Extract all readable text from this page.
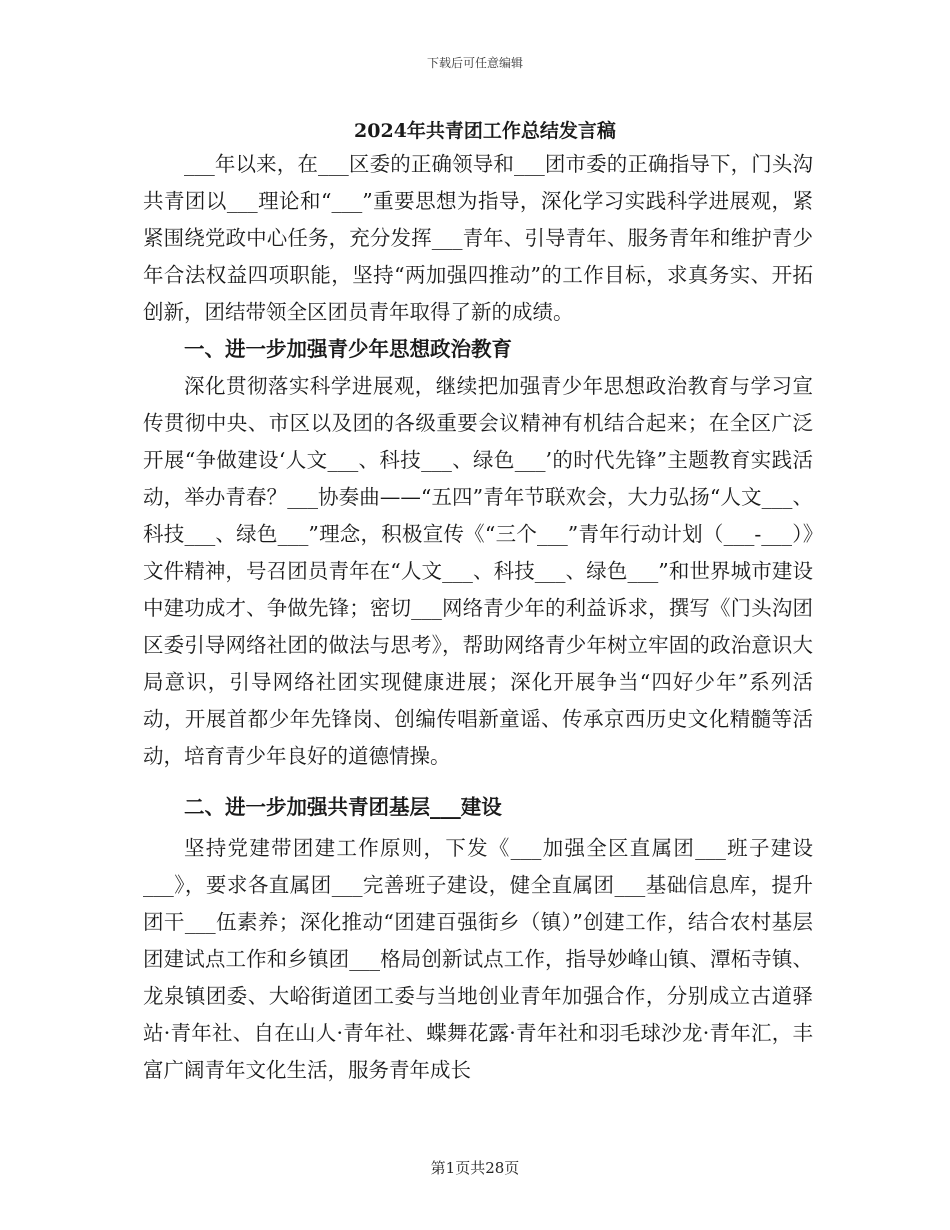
下载后可任意编辑
2024年共青团工作总结发言稿

___年以来，在___区委的正确领导和___团市委的正确指导下，门头沟共青团以___理论和“___”重要思想为指导，深化学习实践科学进展观，紧紧围绕党政中心任务，充分发挥___青年、引导青年、服务青年和维护青少年合法权益四项职能，坚持“两加强四推动”的工作目标，求真务实、开拓创新，团结带领全区团员青年取得了新的成绩。

一、进一步加强青少年思想政治教育

深化贯彻落实科学进展观，继续把加强青少年思想政治教育与学习宣传贯彻中央、市区以及团的各级重要会议精神有机结合起来；在全区广泛开展“争做建设‘人文___、科技___、绿色___’的时代先锋”主题教育实践活动，举办青春？___协奏曲——“五四”青年节联欢会，大力弘扬“人文___、科技___、绿色___”理念，积极宣传《“三个___”青年行动计划（___-___）》文件精神，号召团员青年在“人文___、科技___、绿色___”和世界城市建设中建功成才、争做先锋；密切___网络青少年的利益诉求，撰写《门头沟团区委引导网络社团的做法与思考》，帮助网络青少年树立牢固的政治意识大局意识，引导网络社团实现健康进展；深化开展争当“四好少年”系列活动，开展首都少年先锋岗、创编传唱新童谣、传承京西历史文化精髓等活动，培育青少年良好的道德情操。

二、进一步加强共青团基层___建设

坚持党建带团建工作原则，下发《___加强全区直属团___班子建设___》，要求各直属团___完善班子建设，健全直属团___基础信息库，提升团干___伍素养；深化推动“团建百强街乡（镇）”创建工作，结合农村基层团建试点工作和乡镇团___格局创新试点工作，指导妙峰山镇、潭柘寺镇、龙泉镇团委、大峪街道团工委与当地创业青年加强合作，分别成立古道驿站·青年社、自在山人·青年社、蝶舞花露·青年社和羽毛球沙龙·青年汇，丰富广阔青年文化生活，服务青年成长

第1页共28页
